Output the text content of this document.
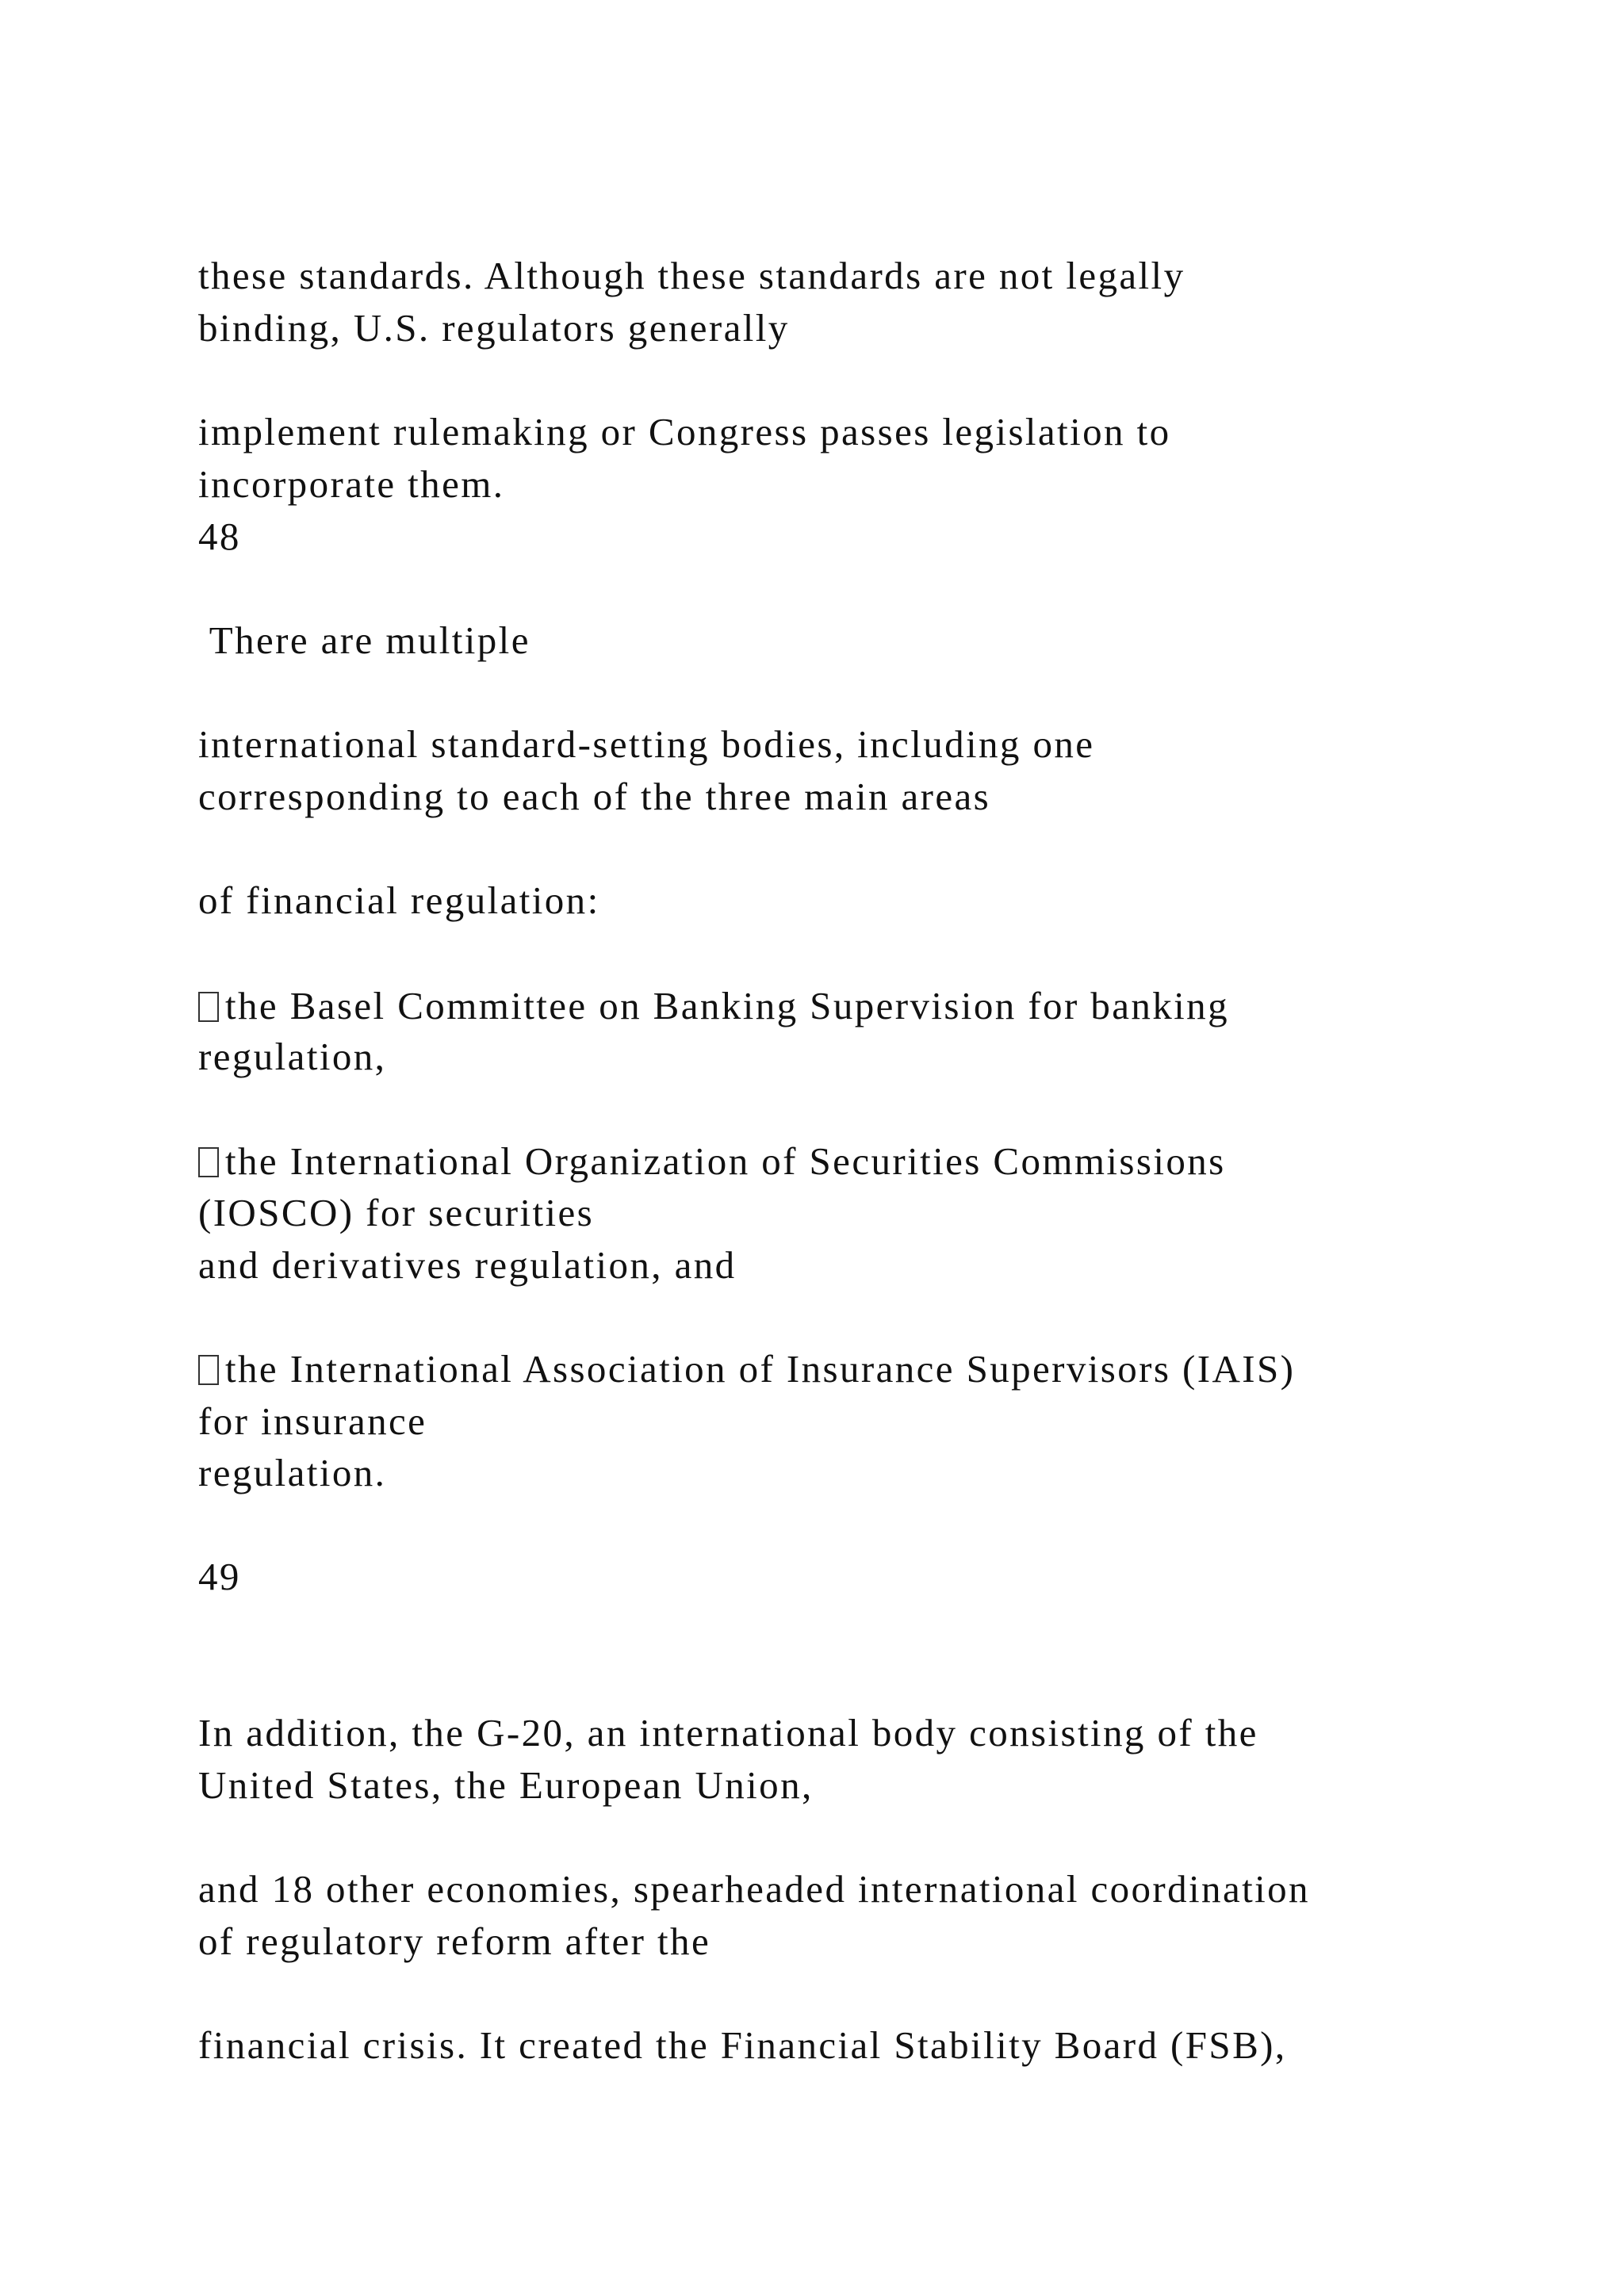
these standards. Although these standards are not legally
binding, U.S. regulators generally
implement rulemaking or Congress passes legislation to
incorporate them.
48
There are multiple
international standard-setting bodies, including one
corresponding to each of the three main areas
of financial regulation:
the Basel Committee on Banking Supervision for banking
regulation,
the International Organization of Securities Commissions
(IOSCO) for securities
and derivatives regulation, and
the International Association of Insurance Supervisors (IAIS)
for insurance
regulation.
49
In addition, the G-20, an international body consisting of the
United States, the European Union,
and 18 other economies, spearheaded international coordination
of regulatory reform after the
financial crisis. It created the Financial Stability Board (FSB),
